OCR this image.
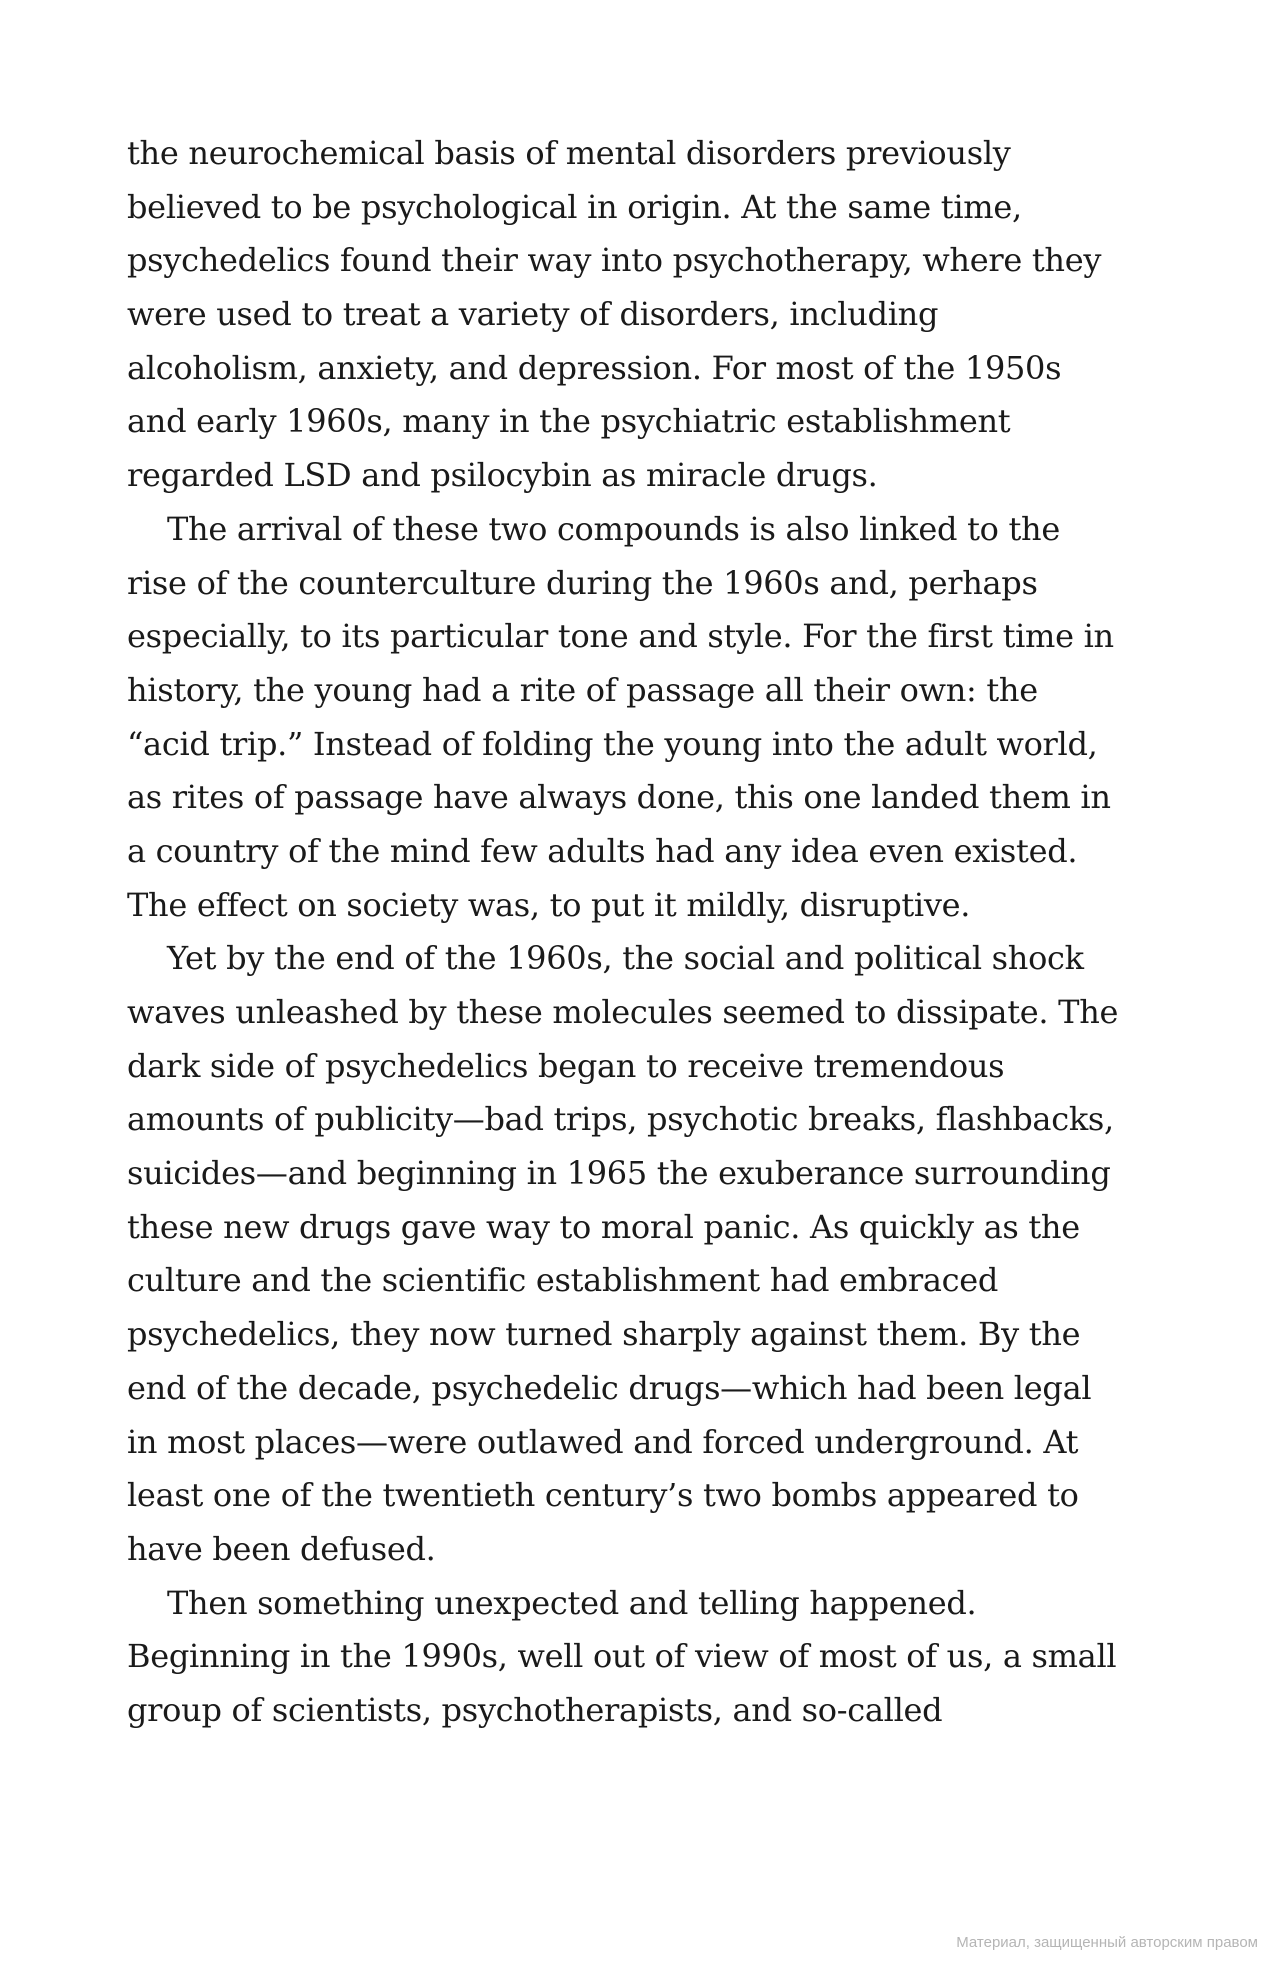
the neurochemical basis of mental disorders previously
believed to be psychological in origin. At the same time,
psychedelics found their way into psychotherapy, where they
were used to treat a variety of disorders, including
alcoholism, anxiety, and depression. For most of the 1950s
and early 1960s, many in the psychiatric establishment
regarded LSD and psilocybin as miracle drugs.
The arrival of these two compounds is also linked to the
rise of the counterculture during the 1960s and, perhaps
especially, to its particular tone and style. For the first time in
history, the young had a rite of passage all their own: the
“acid trip.” Instead of folding the young into the adult world,
as rites of passage have always done, this one landed them in
a country of the mind few adults had any idea even existed.
The effect on society was, to put it mildly, disruptive.
Yet by the end of the 1960s, the social and political shock
waves unleashed by these molecules seemed to dissipate. The
dark side of psychedelics began to receive tremendous
amounts of publicity—bad trips, psychotic breaks, flashbacks,
suicides—and beginning in 1965 the exuberance surrounding
these new drugs gave way to moral panic. As quickly as the
culture and the scientific establishment had embraced
psychedelics, they now turned sharply against them. By the
end of the decade, psychedelic drugs—which had been legal
in most places—were outlawed and forced underground. At
least one of the twentieth century’s two bombs appeared to
have been defused.
Then something unexpected and telling happened.
Beginning in the 1990s, well out of view of most of us, a small
group of scientists, psychotherapists, and so-called
Материал, защищенный авторским правом
